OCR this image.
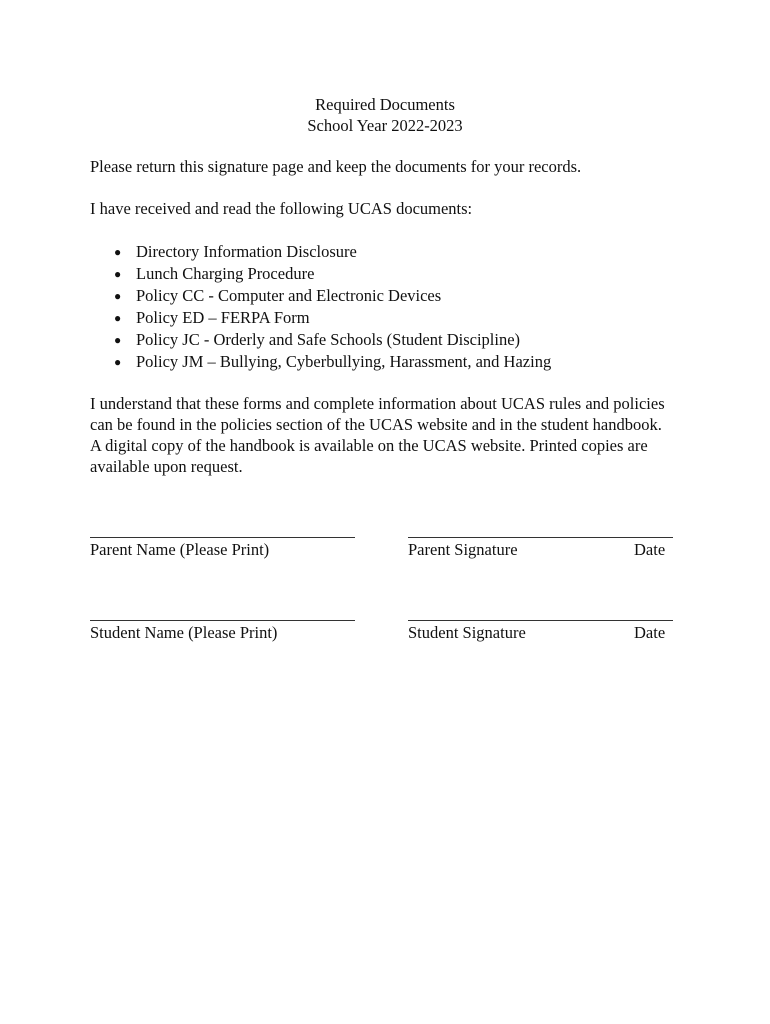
Required Documents
School Year 2022-2023
Please return this signature page and keep the documents for your records.
I have received and read the following UCAS documents:
● Directory Information Disclosure
● Lunch Charging Procedure
● Policy CC - Computer and Electronic Devices
● Policy ED – FERPA Form
● Policy JC - Orderly and Safe Schools (Student Discipline)
● Policy JM – Bullying, Cyberbullying, Harassment, and Hazing
I understand that these forms and complete information about UCAS rules and policies can be found in the policies section of the UCAS website and in the student handbook. A digital copy of the handbook is available on the UCAS website. Printed copies are available upon request.
Parent Name (Please Print)	Parent Signature	Date
Student Name (Please Print)	Student Signature	Date
